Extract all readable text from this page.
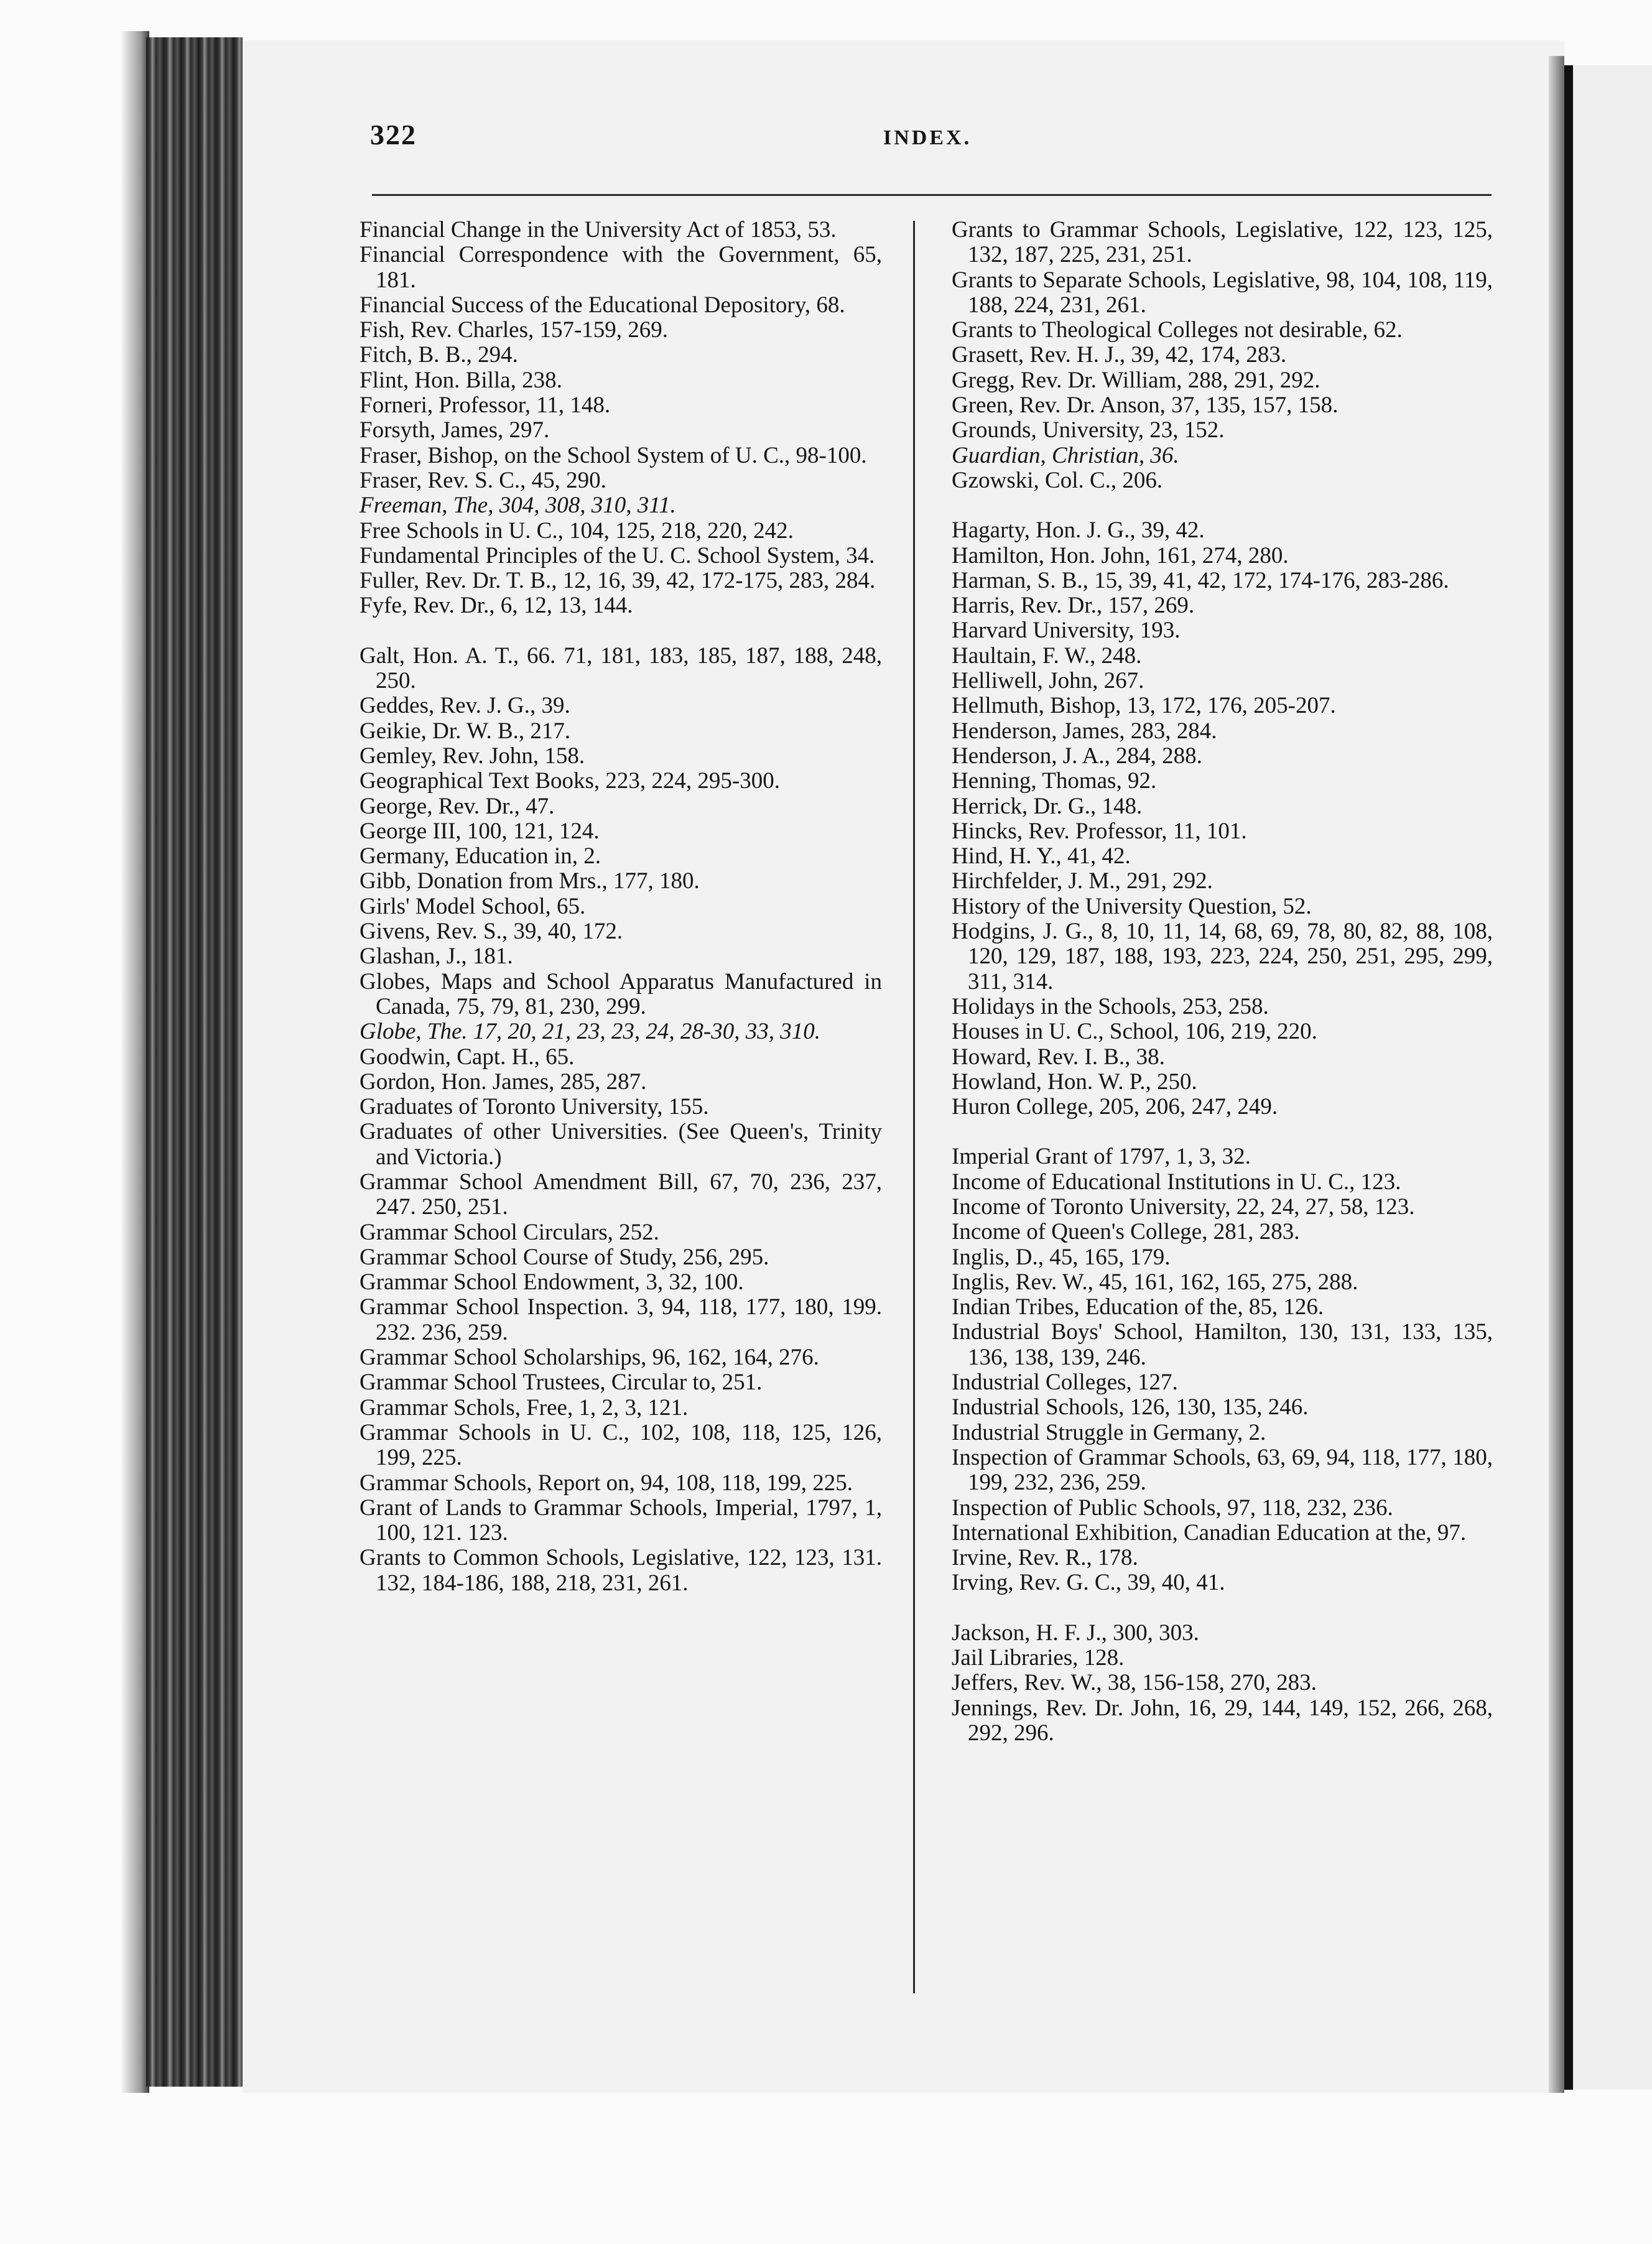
322	INDEX.
Financial Change in the University Act of 1853, 53.
Financial Correspondence with the Government, 65, 181.
Financial Success of the Educational Depository, 68.
Fish, Rev. Charles, 157-159, 269.
Fitch, B. B., 294.
Flint, Hon. Billa, 238.
Forneri, Professor, 11, 148.
Forsyth, James, 297.
Fraser, Bishop, on the School System of U. C., 98-100.
Fraser, Rev. S. C., 45, 290.
Freeman, The, 304, 308, 310, 311.
Free Schools in U. C., 104, 125, 218, 220, 242.
Fundamental Principles of the U. C. School System, 34.
Fuller, Rev. Dr. T. B., 12, 16, 39, 42, 172-175, 283, 284.
Fyfe, Rev. Dr., 6, 12, 13, 144.
Galt, Hon. A. T., 66. 71, 181, 183, 185, 187, 188, 248, 250.
Geddes, Rev. J. G., 39.
Geikie, Dr. W. B., 217.
Gemley, Rev. John, 158.
Geographical Text Books, 223, 224, 295-300.
George, Rev. Dr., 47.
George III, 100, 121, 124.
Germany, Education in, 2.
Gibb, Donation from Mrs., 177, 180.
Girls' Model School, 65.
Givens, Rev. S., 39, 40, 172.
Glashan, J., 181.
Globes, Maps and School Apparatus Manufactured in Canada, 75, 79, 81, 230, 299.
Globe, The. 17, 20, 21, 23, 23, 24, 28-30, 33, 310.
Goodwin, Capt. H., 65.
Gordon, Hon. James, 285, 287.
Graduates of Toronto University, 155.
Graduates of other Universities. (See Queen's, Trinity and Victoria.)
Grammar School Amendment Bill, 67, 70, 236, 237, 247. 250, 251.
Grammar School Circulars, 252.
Grammar School Course of Study, 256, 295.
Grammar School Endowment, 3, 32, 100.
Grammar School Inspection. 3, 94, 118, 177, 180, 199. 232. 236, 259.
Grammar School Scholarships, 96, 162, 164, 276.
Grammar School Trustees, Circular to, 251.
Grammar Schols, Free, 1, 2, 3, 121.
Grammar Schools in U. C., 102, 108, 118, 125, 126, 199, 225.
Grammar Schools, Report on, 94, 108, 118, 199, 225.
Grant of Lands to Grammar Schools, Imperial, 1797, 1, 100, 121. 123.
Grants to Common Schools, Legislative, 122, 123, 131. 132, 184-186, 188, 218, 231, 261.
Grants to Grammar Schools, Legislative, 122, 123, 125, 132, 187, 225, 231, 251.
Grants to Separate Schools, Legislative, 98, 104, 108, 119, 188, 224, 231, 261.
Grants to Theological Colleges not desirable, 62.
Grasett, Rev. H. J., 39, 42, 174, 283.
Gregg, Rev. Dr. William, 288, 291, 292.
Green, Rev. Dr. Anson, 37, 135, 157, 158.
Grounds, University, 23, 152.
Guardian, Christian, 36.
Gzowski, Col. C., 206.
Hagarty, Hon. J. G., 39, 42.
Hamilton, Hon. John, 161, 274, 280.
Harman, S. B., 15, 39, 41, 42, 172, 174-176, 283-286.
Harris, Rev. Dr., 157, 269.
Harvard University, 193.
Haultain, F. W., 248.
Helliwell, John, 267.
Hellmuth, Bishop, 13, 172, 176, 205-207.
Henderson, James, 283, 284.
Henderson, J. A., 284, 288.
Henning, Thomas, 92.
Herrick, Dr. G., 148.
Hincks, Rev. Professor, 11, 101.
Hind, H. Y., 41, 42.
Hirchfelder, J. M., 291, 292.
History of the University Question, 52.
Hodgins, J. G., 8, 10, 11, 14, 68, 69, 78, 80, 82, 88, 108, 120, 129, 187, 188, 193, 223, 224, 250, 251, 295, 299, 311, 314.
Holidays in the Schools, 253, 258.
Houses in U. C., School, 106, 219, 220.
Howard, Rev. I. B., 38.
Howland, Hon. W. P., 250.
Huron College, 205, 206, 247, 249.
Imperial Grant of 1797, 1, 3, 32.
Income of Educational Institutions in U. C., 123.
Income of Toronto University, 22, 24, 27, 58, 123.
Income of Queen's College, 281, 283.
Inglis, D., 45, 165, 179.
Inglis, Rev. W., 45, 161, 162, 165, 275, 288.
Indian Tribes, Education of the, 85, 126.
Industrial Boys' School, Hamilton, 130, 131, 133, 135, 136, 138, 139, 246.
Industrial Colleges, 127.
Industrial Schools, 126, 130, 135, 246.
Industrial Struggle in Germany, 2.
Inspection of Grammar Schools, 63, 69, 94, 118, 177, 180, 199, 232, 236, 259.
Inspection of Public Schools, 97, 118, 232, 236.
International Exhibition, Canadian Education at the, 97.
Irvine, Rev. R., 178.
Irving, Rev. G. C., 39, 40, 41.
Jackson, H. F. J., 300, 303.
Jail Libraries, 128.
Jeffers, Rev. W., 38, 156-158, 270, 283.
Jennings, Rev. Dr. John, 16, 29, 144, 149, 152, 266, 268, 292, 296.
